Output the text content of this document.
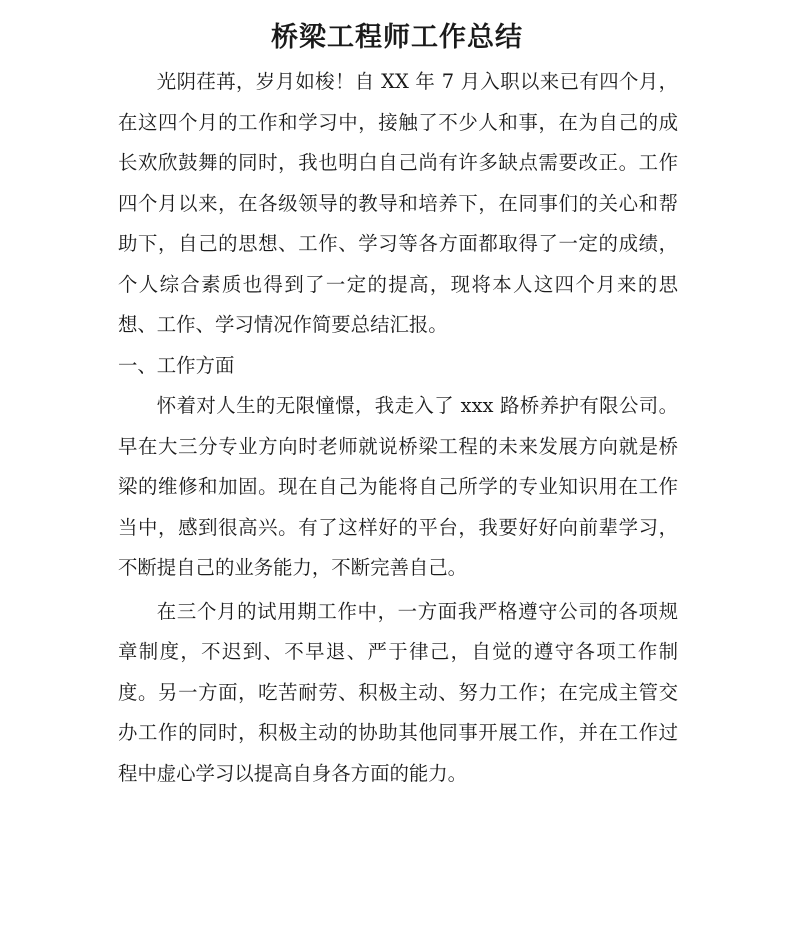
桥梁工程师工作总结

光阴荏苒，岁月如梭！自 XX 年 7 月入职以来已有四个月，在这四个月的工作和学习中，接触了不少人和事，在为自己的成长欢欣鼓舞的同时，我也明白自己尚有许多缺点需要改正。工作四个月以来，在各级领导的教导和培养下，在同事们的关心和帮助下，自己的思想、工作、学习等各方面都取得了一定的成绩，个人综合素质也得到了一定的提高，现将本人这四个月来的思想、工作、学习情况作简要总结汇报。

一、工作方面

怀着对人生的无限憧憬，我走入了 xxx 路桥养护有限公司。早在大三分专业方向时老师就说桥梁工程的未来发展方向就是桥梁的维修和加固。现在自己为能将自己所学的专业知识用在工作当中，感到很高兴。有了这样好的平台，我要好好向前辈学习，不断提自己的业务能力，不断完善自己。

在三个月的试用期工作中，一方面我严格遵守公司的各项规章制度，不迟到、不早退、严于律己，自觉的遵守各项工作制度。另一方面，吃苦耐劳、积极主动、努力工作；在完成主管交办工作的同时，积极主动的协助其他同事开展工作，并在工作过程中虚心学习以提高自身各方面的能力。
